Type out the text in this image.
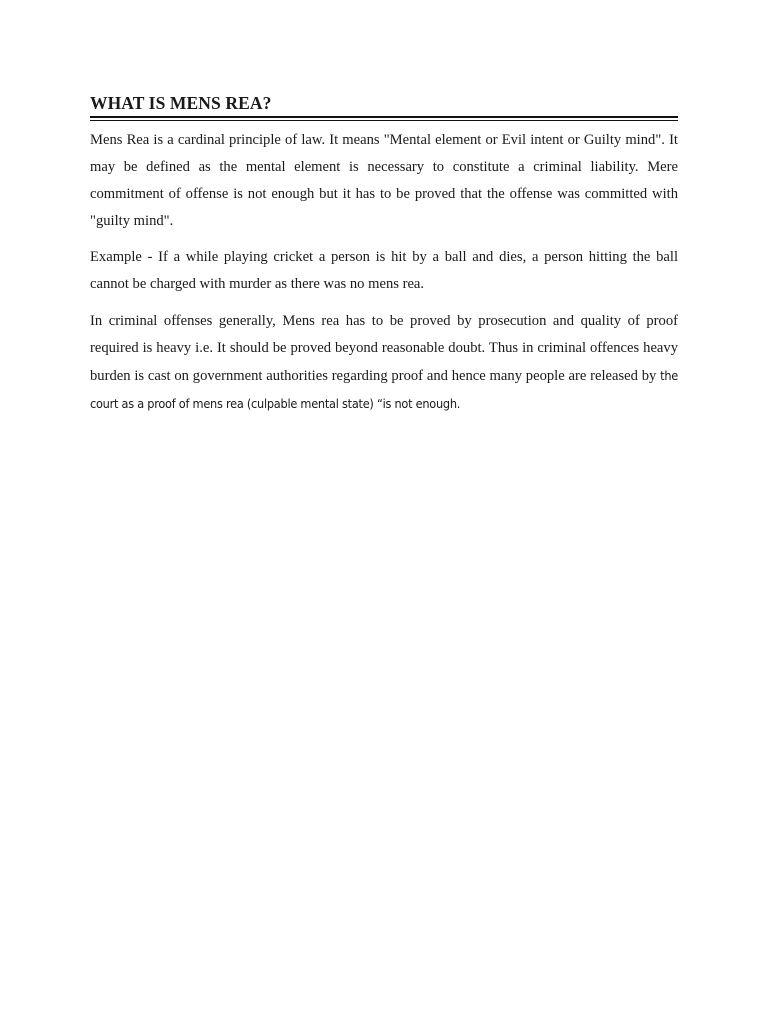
WHAT IS MENS REA?

Mens Rea is a cardinal principle of law. It means "Mental element or Evil intent or Guilty mind". It may be defined as the mental element is necessary to constitute a criminal liability. Mere commitment of offense is not enough but it has to be proved that the offense was committed with "guilty mind".

Example - If a while playing cricket a person is hit by a ball and dies, a person hitting the ball cannot be charged with murder as there was no mens rea.

In criminal offenses generally, Mens rea has to be proved by prosecution and quality of proof required is heavy i.e. It should be proved beyond reasonable doubt. Thus in criminal offences heavy burden is cast on government authorities regarding proof and hence many people are released by the court as a proof of mens rea (culpable mental state) “is not enough.
